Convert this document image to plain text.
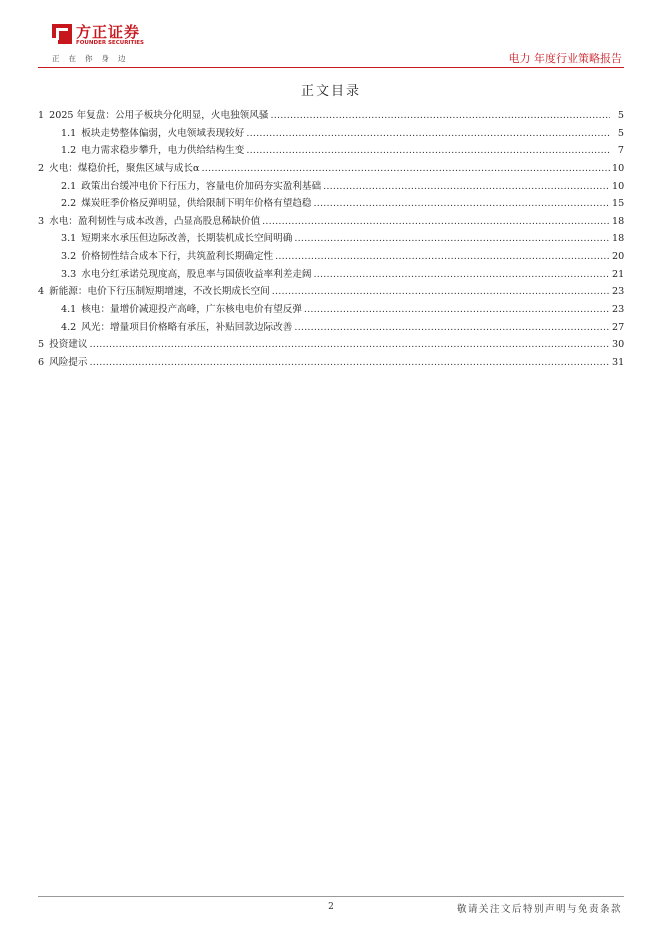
方正证券
FOUNDER SECURITIES
正在你身边	电力 年度行业策略报告
正文目录
1 2025 年复盘：公用子板块分化明显，火电独领风骚 .....	5
1.1 板块走势整体偏弱，火电领域表现较好 .....	5
1.2 电力需求稳步攀升，电力供给结构生变 .....	7
2 火电：煤稳价托，聚焦区域与成长α .....	10
2.1 政策出台缓冲电价下行压力，容量电价加码夯实盈利基础 .....	10
2.2 煤炭旺季价格反弹明显，供给限制下明年价格有望趋稳 .....	15
3 水电：盈利韧性与成本改善，凸显高股息稀缺价值 .....	18
3.1 短期来水承压但边际改善，长期装机成长空间明确 .....	18
3.2 价格韧性结合成本下行，共筑盈利长期确定性 .....	20
3.3 水电分红承诺兑现度高，股息率与国债收益率利差走阔 .....	21
4 新能源：电价下行压制短期增速，不改长期成长空间 .....	23
4.1 核电：量增价减迎投产高峰，广东核电电价有望反弹 .....	23
4.2 风光：增量项目价格略有承压，补贴回款边际改善 .....	27
5 投资建议 .....	30
6 风险提示 .....	31
2	敬请关注文后特别声明与免责条款
